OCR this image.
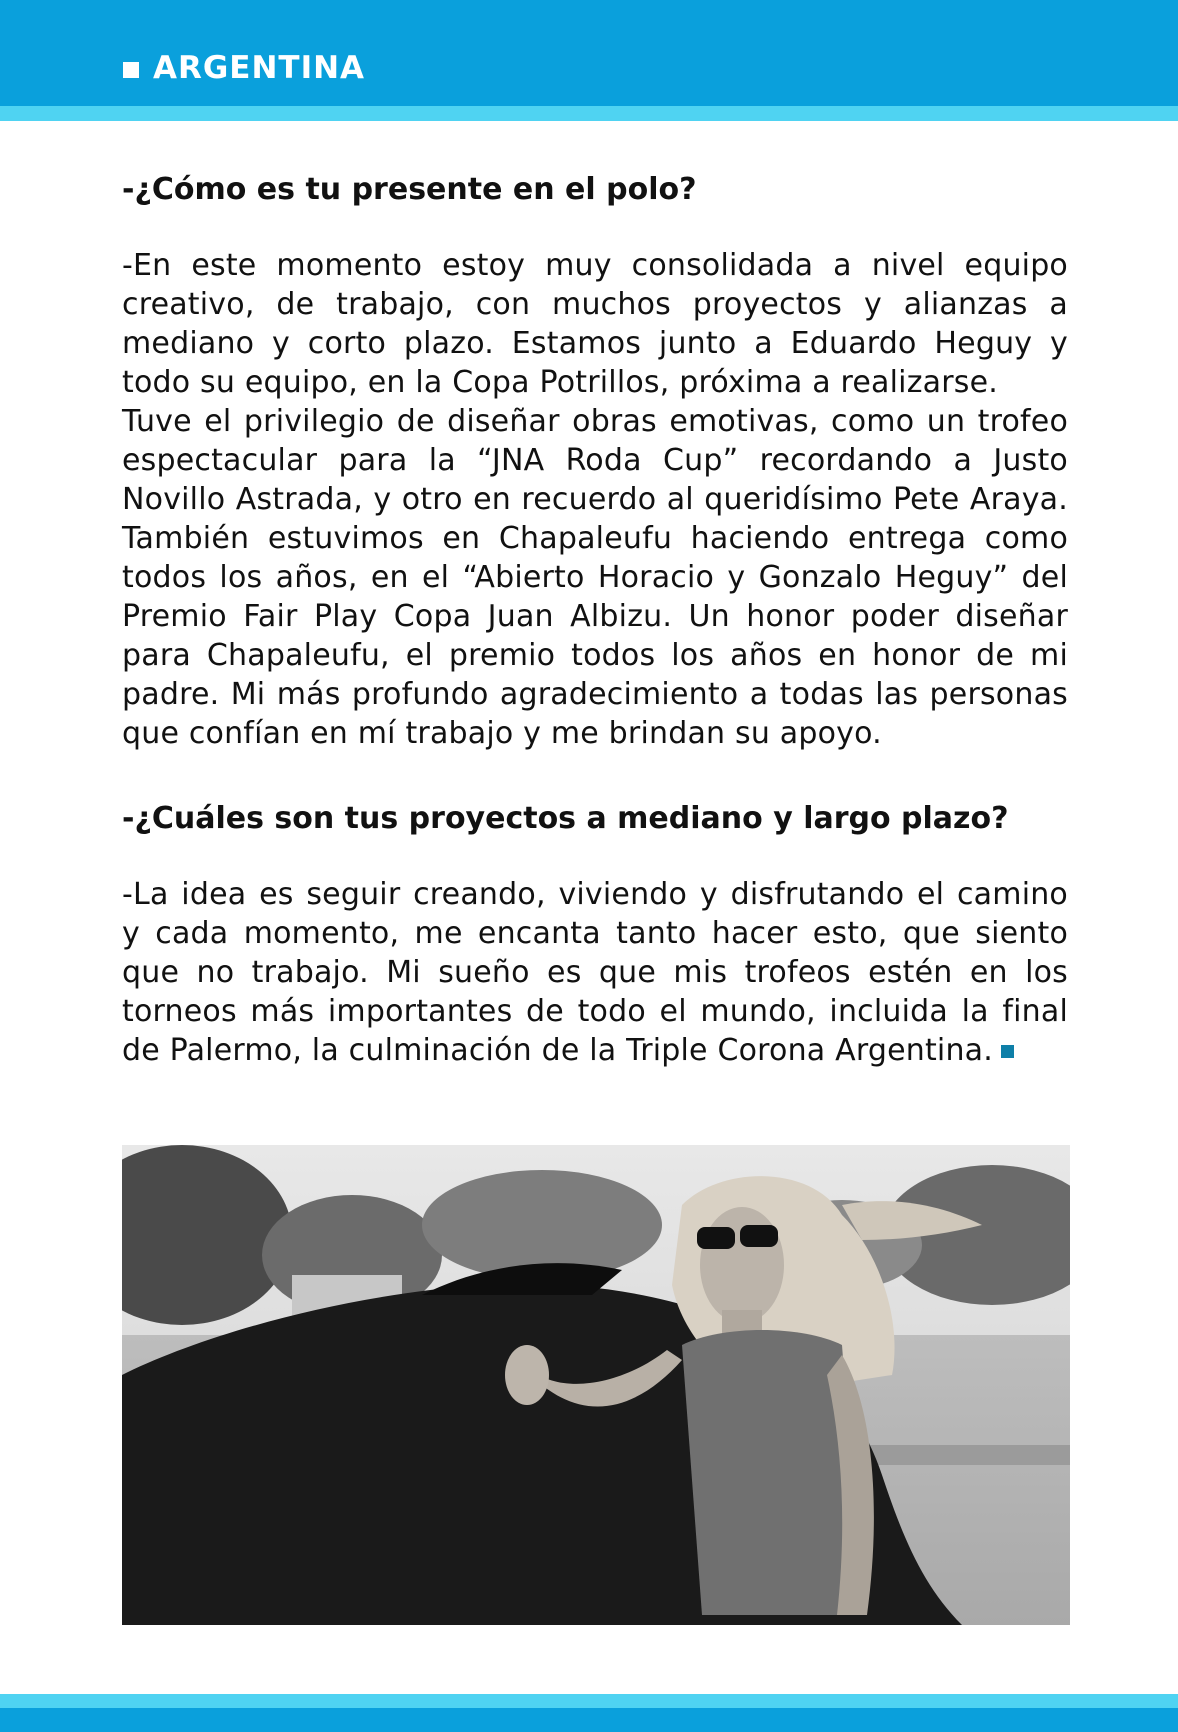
ARGENTINA
-¿Cómo es tu presente en el polo?

-En este momento estoy muy consolidada a nivel equipo creativo, de trabajo, con muchos proyectos y alianzas a mediano y corto plazo. Estamos junto a Eduardo Heguy y todo su equipo, en la Copa Potrillos, próxima a realizarse.

Tuve el privilegio de diseñar obras emotivas, como un trofeo espectacular para la “JNA Roda Cup” recordando a Justo Novillo Astrada, y otro en recuerdo al queridísimo Pete Araya. También estuvimos en Chapaleufu haciendo entrega como todos los años, en el “Abierto Horacio y Gonzalo Heguy” del Premio Fair Play Copa Juan Albizu. Un honor poder diseñar para Chapaleufu, el premio todos los años en honor de mi padre. Mi más profundo agradecimiento a todas las personas que confían en mí trabajo y me brindan su apoyo.

-¿Cuáles son tus proyectos a mediano y largo plazo?

-La idea es seguir creando, viviendo y disfrutando el camino y cada momento, me encanta tanto hacer esto, que siento que no trabajo. Mi sueño es que mis trofeos estén en los torneos más importantes de todo el mundo, incluida la final de Palermo, la culminación de la Triple Corona Argentina.
